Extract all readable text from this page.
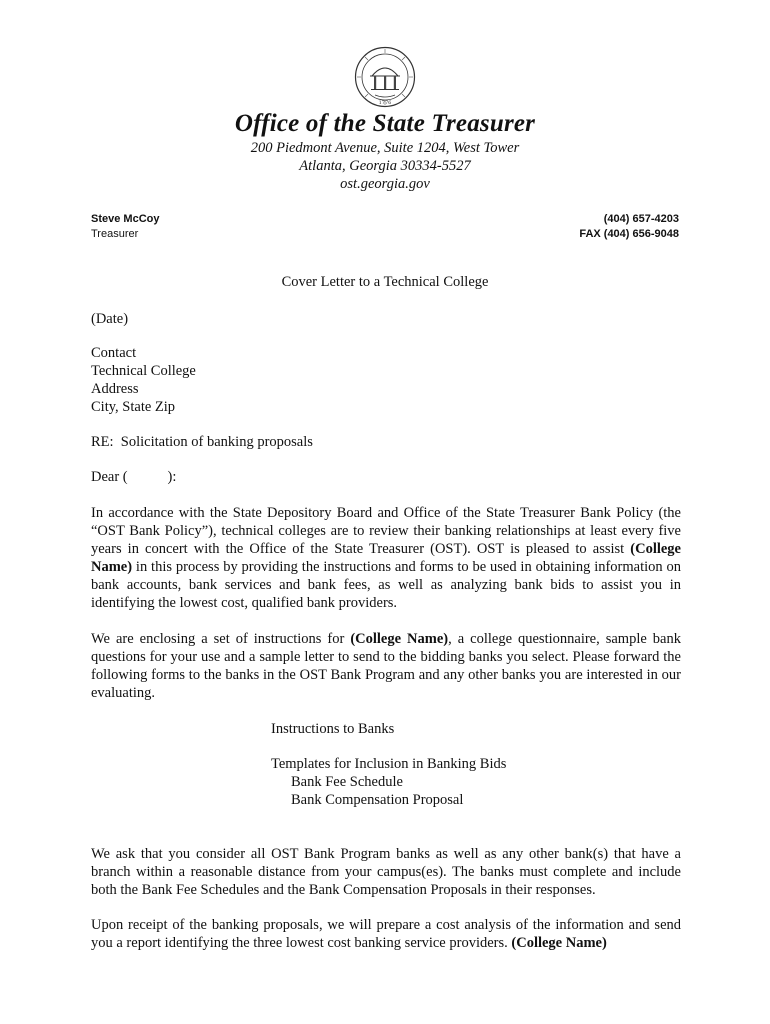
1776
Office of the State Treasurer
200 Piedmont Avenue, Suite 1204, West Tower
Atlanta, Georgia 30334-5527
ost.georgia.gov
Steve McCoy
Treasurer
(404) 657-4203
FAX (404) 656-9048
Cover Letter to a Technical College
(Date)
Contact
Technical College
Address
City, State Zip
RE:  Solicitation of banking proposals
Dear (           ):
In accordance with the State Depository Board and Office of the State Treasurer Bank Policy (the “OST Bank Policy”), technical colleges are to review their banking relationships at least every five years in concert with the Office of the State Treasurer (OST). OST is pleased to assist (College Name) in this process by providing the instructions and forms to be used in obtaining information on bank accounts, bank services and bank fees, as well as analyzing bank bids to assist you in identifying the lowest cost, qualified bank providers.
We are enclosing a set of instructions for (College Name), a college questionnaire, sample bank questions for your use and a sample letter to send to the bidding banks you select. Please forward the following forms to the banks in the OST Bank Program and any other banks you are interested in our evaluating.
Instructions to Banks
Templates for Inclusion in Banking Bids
Bank Fee Schedule
Bank Compensation Proposal
We ask that you consider all OST Bank Program banks as well as any other bank(s) that have a branch within a reasonable distance from your campus(es). The banks must complete and include both the Bank Fee Schedules and the Bank Compensation Proposals in their responses.
Upon receipt of the banking proposals, we will prepare a cost analysis of the information and send you a report identifying the three lowest cost banking service providers. (College Name)
